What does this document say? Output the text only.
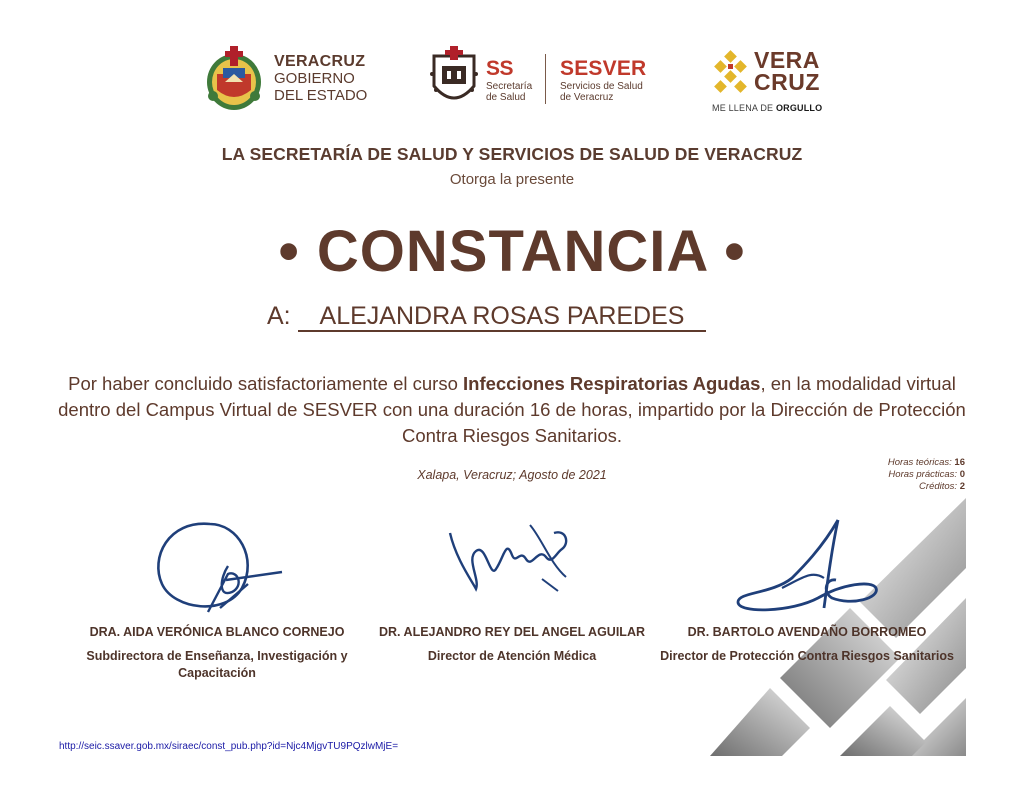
VERACRUZ
GOBIERNO
DEL ESTADO
SS
Secretaría
de Salud
SESVER
Servicios de Salud
de Veracruz
VERA
CRUZ
ME LLENA DE ORGULLO
LA SECRETARÍA DE SALUD Y SERVICIOS DE SALUD DE VERACRUZ
Otorga la presente
• CONSTANCIA •
A:	ALEJANDRA ROSAS PAREDES
Por haber concluido satisfactoriamente el curso Infecciones Respiratorias Agudas, en la modalidad virtual dentro del Campus Virtual de SESVER con una duración 16 de horas, impartido por la Dirección de Protección Contra Riesgos Sanitarios.
Xalapa, Veracruz; Agosto de 2021
Horas teóricas: 16
Horas prácticas: 0
Créditos: 2
DRA. AIDA VERÓNICA BLANCO CORNEJO
Subdirectora de Enseñanza, Investigación y Capacitación
DR. ALEJANDRO REY DEL ANGEL AGUILAR
Director de Atención Médica
DR. BARTOLO AVENDAÑO BORROMEO
Director de Protección Contra Riesgos Sanitarios
http://seic.ssaver.gob.mx/siraec/const_pub.php?id=Njc4MjgvTU9PQzlwMjE=
